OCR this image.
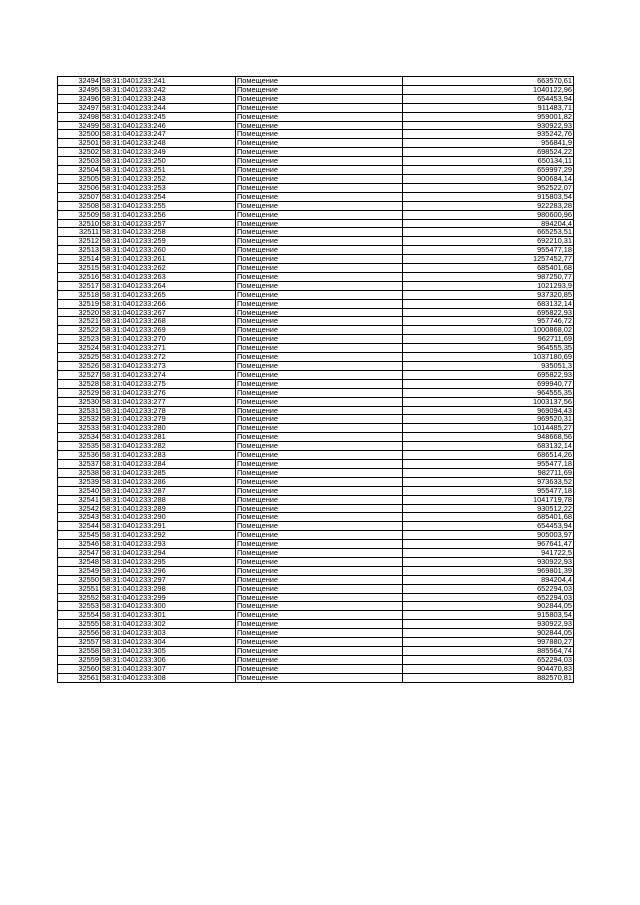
32494	58:31:0401233:241	Помещение	663570,61
32495	58:31:0401233:242	Помещение	1040122,96
32496	58:31:0401233:243	Помещение	654453,94
32497	58:31:0401233:244	Помещение	911483,71
32498	58:31:0401233:245	Помещение	959001,82
32499	58:31:0401233:246	Помещение	930922,93
32500	58:31:0401233:247	Помещение	935242,76
32501	58:31:0401233:248	Помещение	956841,9
32502	58:31:0401233:249	Помещение	698524,22
32503	58:31:0401233:250	Помещение	650134,11
32504	58:31:0401233:251	Помещение	659997,29
32505	58:31:0401233:252	Помещение	900684,14
32506	58:31:0401233:253	Помещение	952522,07
32507	58:31:0401233:254	Помещение	915803,54
32508	58:31:0401233:255	Помещение	922283,28
32509	58:31:0401233:256	Помещение	980600,96
32510	58:31:0401233:257	Помещение	894204,4
32511	58:31:0401233:258	Помещение	665253,51
32512	58:31:0401233:259	Помещение	692210,31
32513	58:31:0401233:260	Помещение	955477,18
32514	58:31:0401233:261	Помещение	1257452,77
32515	58:31:0401233:262	Помещение	685401,68
32516	58:31:0401233:263	Помещение	987250,77
32517	58:31:0401233:264	Помещение	1021293,9
32518	58:31:0401233:265	Помещение	937320,85
32519	58:31:0401233:266	Помещение	683132,14
32520	58:31:0401233:267	Помещение	695822,93
32521	58:31:0401233:268	Помещение	957746,72
32522	58:31:0401233:269	Помещение	1000868,02
32523	58:31:0401233:270	Помещение	962711,69
32524	58:31:0401233:271	Помещение	964555,35
32525	58:31:0401233:272	Помещение	1037180,69
32526	58:31:0401233:273	Помещение	935051,3
32527	58:31:0401233:274	Помещение	695822,93
32528	58:31:0401233:275	Помещение	699940,77
32529	58:31:0401233:276	Помещение	964555,35
32530	58:31:0401233:277	Помещение	1003137,56
32531	58:31:0401233:278	Помещение	969094,43
32532	58:31:0401233:279	Помещение	969520,31
32533	58:31:0401233:280	Помещение	1014485,27
32534	58:31:0401233:281	Помещение	948668,56
32535	58:31:0401233:282	Помещение	683132,14
32536	58:31:0401233:283	Помещение	686514,26
32537	58:31:0401233:284	Помещение	955477,18
32538	58:31:0401233:285	Помещение	982711,69
32539	58:31:0401233:286	Помещение	973633,52
32540	58:31:0401233:287	Помещение	955477,18
32541	58:31:0401233:288	Помещение	1041719,78
32542	58:31:0401233:289	Помещение	930512,22
32543	58:31:0401233:290	Помещение	685401,68
32544	58:31:0401233:291	Помещение	654453,94
32545	58:31:0401233:292	Помещение	905003,97
32546	58:31:0401233:293	Помещение	967641,47
32547	58:31:0401233:294	Помещение	941722,5
32548	58:31:0401233:295	Помещение	930922,93
32549	58:31:0401233:296	Помещение	969801,39
32550	58:31:0401233:297	Помещение	894204,4
32551	58:31:0401233:298	Помещение	652294,03
32552	58:31:0401233:299	Помещение	652294,03
32553	58:31:0401233:300	Помещение	902844,05
32554	58:31:0401233:301	Помещение	915803,54
32555	58:31:0401233:302	Помещение	930922,93
32556	58:31:0401233:303	Помещение	902844,05
32557	58:31:0401233:304	Помещение	997880,27
32558	58:31:0401233:305	Помещение	885564,74
32559	58:31:0401233:306	Помещение	652294,03
32560	58:31:0401233:307	Помещение	904470,83
32561	58:31:0401233:308	Помещение	882570,81
